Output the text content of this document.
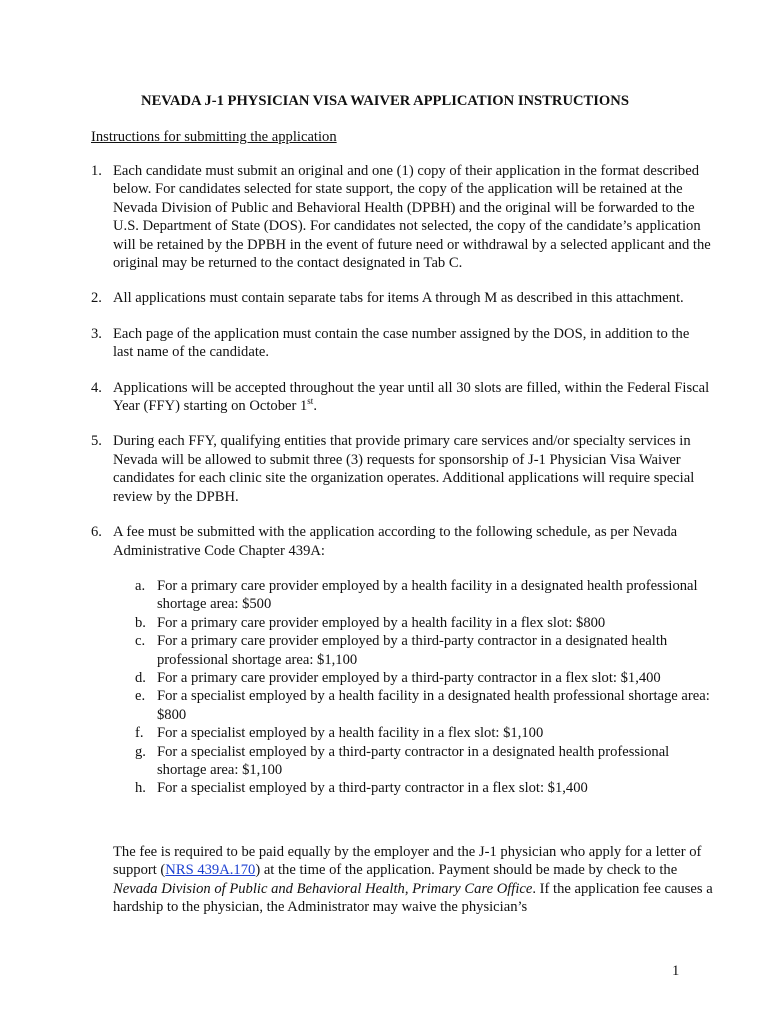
NEVADA J-1 PHYSICIAN VISA WAIVER APPLICATION INSTRUCTIONS
Instructions for submitting the application
1. Each candidate must submit an original and one (1) copy of their application in the format described below. For candidates selected for state support, the copy of the application will be retained at the Nevada Division of Public and Behavioral Health (DPBH) and the original will be forwarded to the U.S. Department of State (DOS). For candidates not selected, the copy of the candidate’s application will be retained by the DPBH in the event of future need or withdrawal by a selected applicant and the original may be returned to the contact designated in Tab C.
2. All applications must contain separate tabs for items A through M as described in this attachment.
3. Each page of the application must contain the case number assigned by the DOS, in addition to the last name of the candidate.
4. Applications will be accepted throughout the year until all 30 slots are filled, within the Federal Fiscal Year (FFY) starting on October 1st.
5. During each FFY, qualifying entities that provide primary care services and/or specialty services in Nevada will be allowed to submit three (3) requests for sponsorship of J-1 Physician Visa Waiver candidates for each clinic site the organization operates. Additional applications will require special review by the DPBH.
6. A fee must be submitted with the application according to the following schedule, as per Nevada Administrative Code Chapter 439A:
a. For a primary care provider employed by a health facility in a designated health professional shortage area: $500
b. For a primary care provider employed by a health facility in a flex slot: $800
c. For a primary care provider employed by a third-party contractor in a designated health professional shortage area: $1,100
d. For a primary care provider employed by a third-party contractor in a flex slot: $1,400
e. For a specialist employed by a health facility in a designated health professional shortage area: $800
f. For a specialist employed by a health facility in a flex slot: $1,100
g. For a specialist employed by a third-party contractor in a designated health professional shortage area: $1,100
h. For a specialist employed by a third-party contractor in a flex slot: $1,400

The fee is required to be paid equally by the employer and the J-1 physician who apply for a letter of support (NRS 439A.170) at the time of the application. Payment should be made by check to the Nevada Division of Public and Behavioral Health, Primary Care Office. If the application fee causes a hardship to the physician, the Administrator may waive the physician’s

1
